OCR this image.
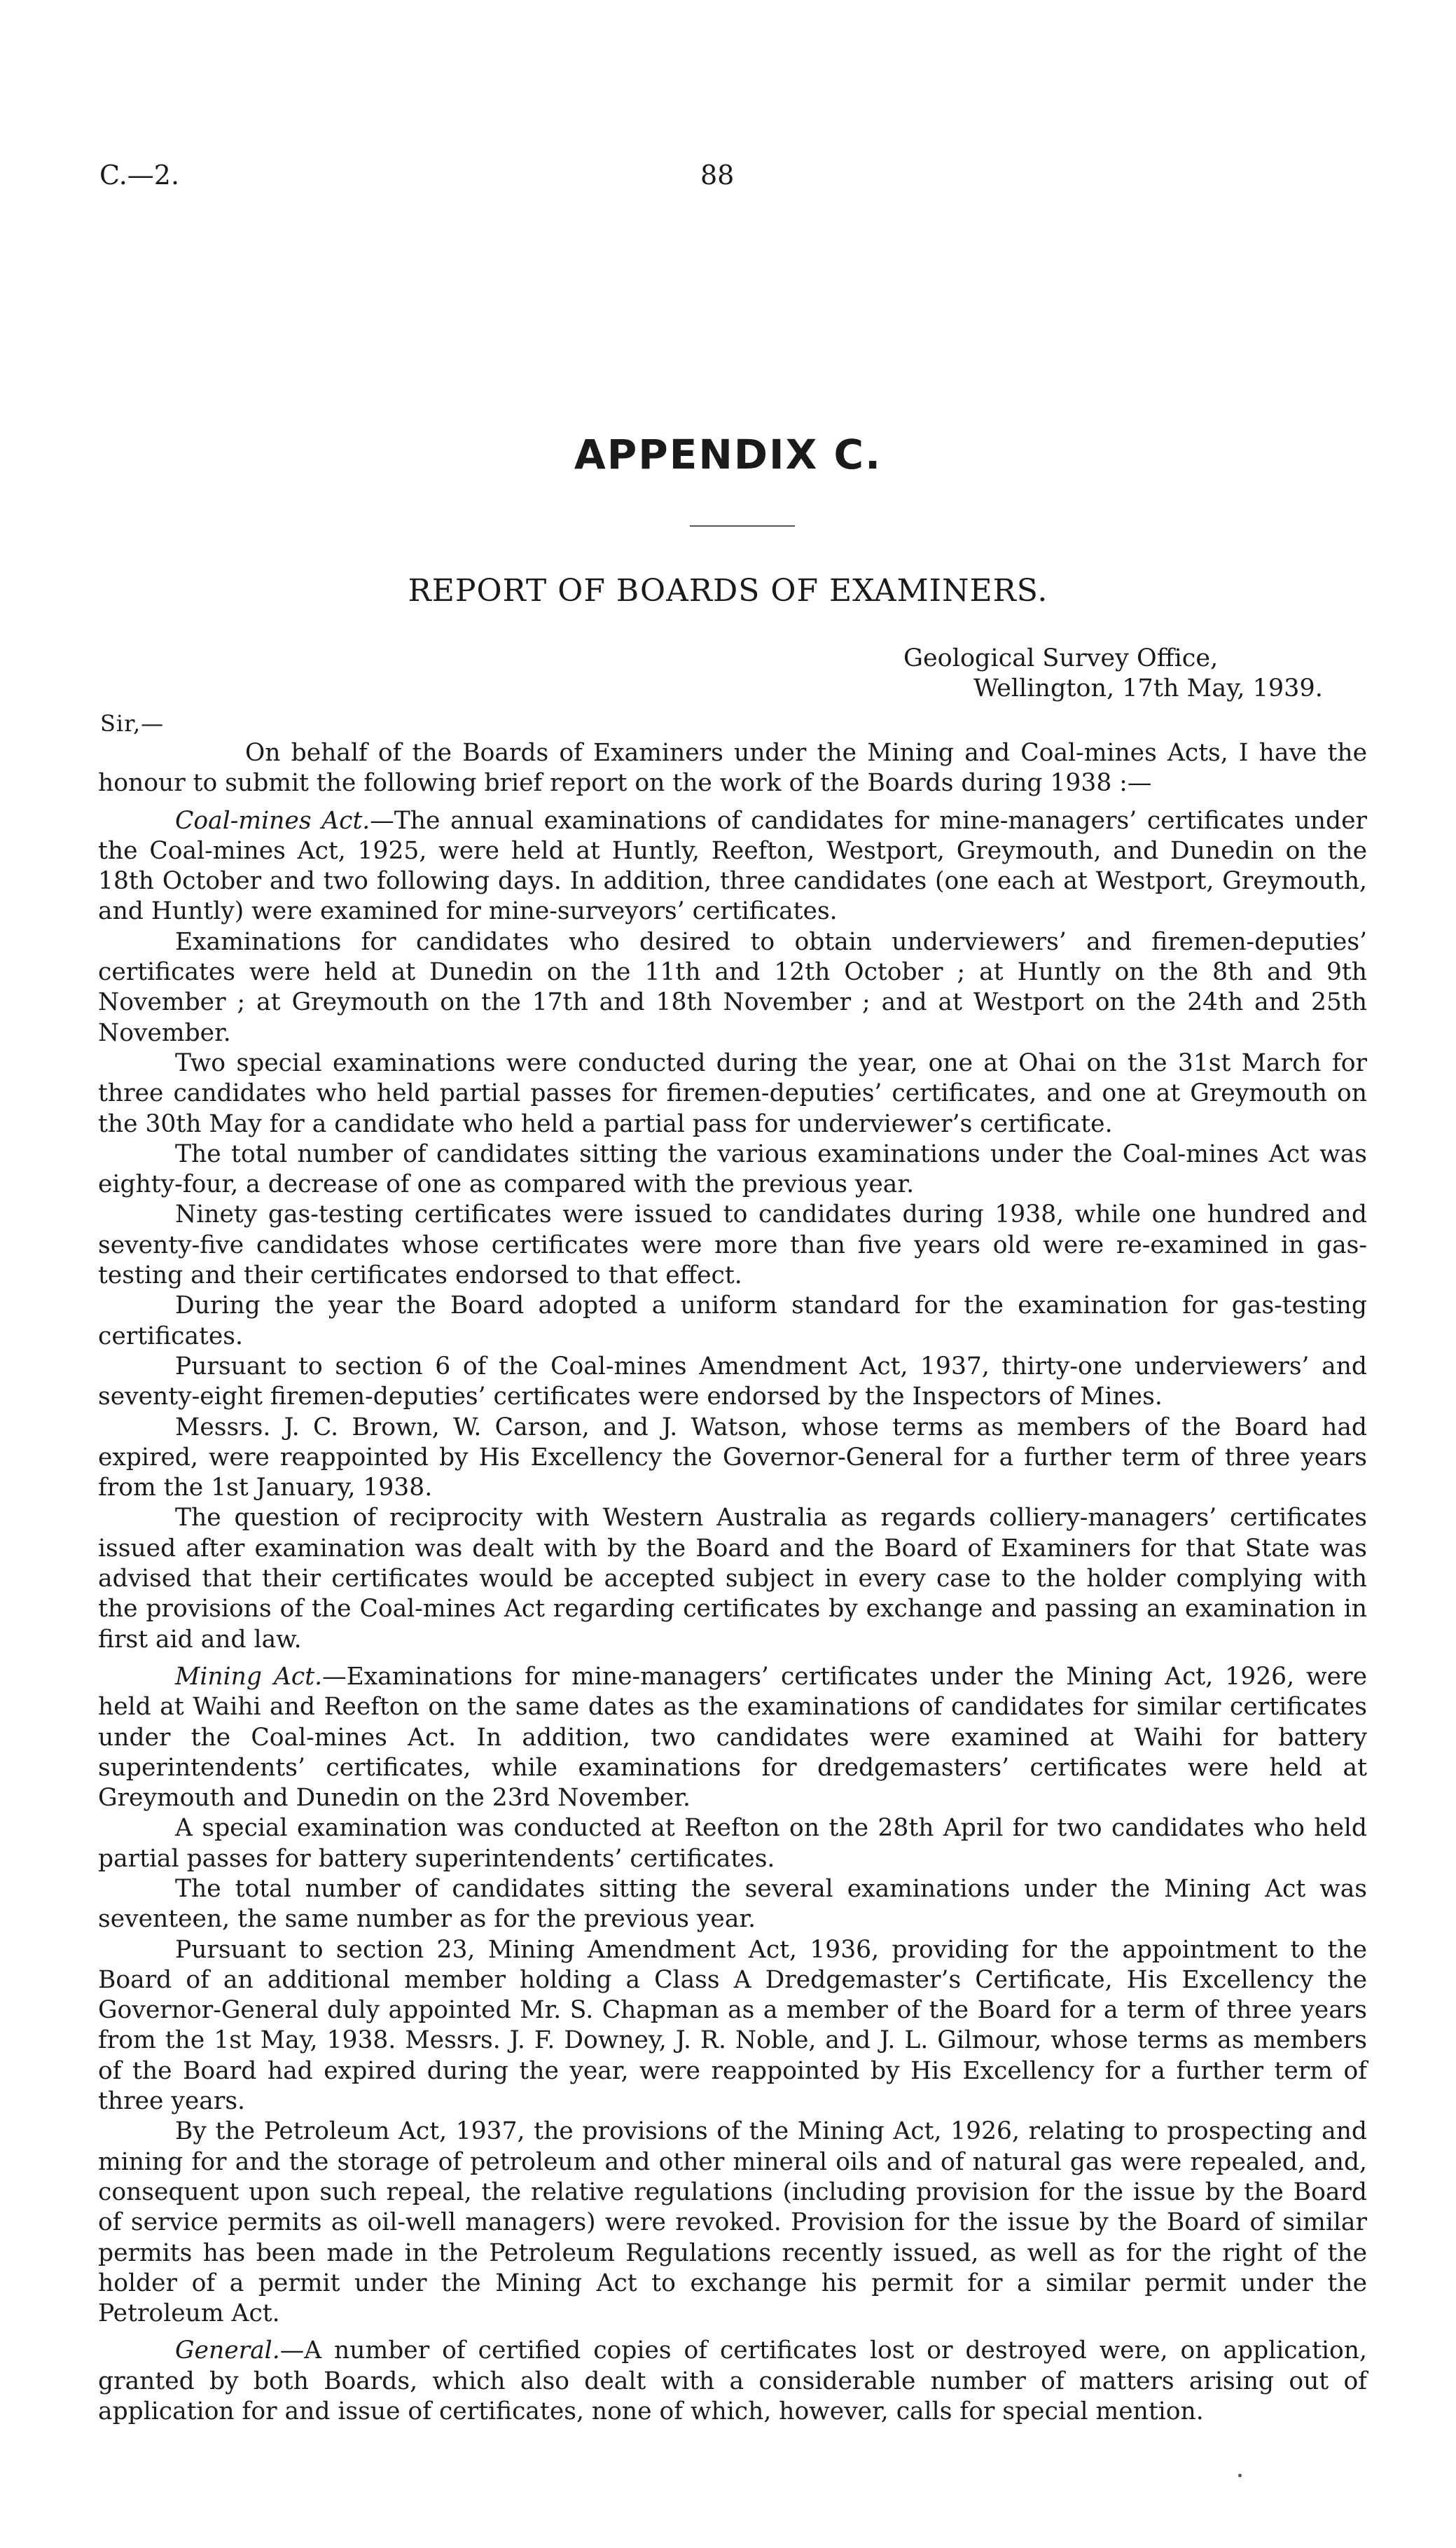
C.—2.	88
APPENDIX C.
REPORT OF BOARDS OF EXAMINERS.
Geological Survey Office,
Wellington, 17th May, 1939.
Sir,—

On behalf of the Boards of Examiners under the Mining and Coal-mines Acts, I have the honour to submit the following brief report on the work of the Boards during 1938 :—

Coal-mines Act.—The annual examinations of candidates for mine-managers’ certificates under the Coal-mines Act, 1925, were held at Huntly, Reefton, Westport, Greymouth, and Dunedin on the 18th October and two following days. In addition, three candidates (one each at Westport, Greymouth, and Huntly) were examined for mine-surveyors’ certificates.

Examinations for candidates who desired to obtain underviewers’ and firemen-deputies’ certificates were held at Dunedin on the 11th and 12th October ; at Huntly on the 8th and 9th November ; at Greymouth on the 17th and 18th November ; and at Westport on the 24th and 25th November.

Two special examinations were conducted during the year, one at Ohai on the 31st March for three candidates who held partial passes for firemen-deputies’ certificates, and one at Greymouth on the 30th May for a candidate who held a partial pass for underviewer’s certificate.

The total number of candidates sitting the various examinations under the Coal-mines Act was eighty-four, a decrease of one as compared with the previous year.

Ninety gas-testing certificates were issued to candidates during 1938, while one hundred and seventy-five candidates whose certificates were more than five years old were re-examined in gas-testing and their certificates endorsed to that effect.

During the year the Board adopted a uniform standard for the examination for gas-testing certificates.

Pursuant to section 6 of the Coal-mines Amendment Act, 1937, thirty-one underviewers’ and seventy-eight firemen-deputies’ certificates were endorsed by the Inspectors of Mines.

Messrs. J. C. Brown, W. Carson, and J. Watson, whose terms as members of the Board had expired, were reappointed by His Excellency the Governor-General for a further term of three years from the 1st January, 1938.

The question of reciprocity with Western Australia as regards colliery-managers’ certificates issued after examination was dealt with by the Board and the Board of Examiners for that State was advised that their certificates would be accepted subject in every case to the holder complying with the provisions of the Coal-mines Act regarding certificates by exchange and passing an examination in first aid and law.

Mining Act.—Examinations for mine-managers’ certificates under the Mining Act, 1926, were held at Waihi and Reefton on the same dates as the examinations of candidates for similar certificates under the Coal-mines Act. In addition, two candidates were examined at Waihi for battery superintendents’ certificates, while examinations for dredgemasters’ certificates were held at Greymouth and Dunedin on the 23rd November.

A special examination was conducted at Reefton on the 28th April for two candidates who held partial passes for battery superintendents’ certificates.

The total number of candidates sitting the several examinations under the Mining Act was seventeen, the same number as for the previous year.

Pursuant to section 23, Mining Amendment Act, 1936, providing for the appointment to the Board of an additional member holding a Class A Dredgemaster’s Certificate, His Excellency the Governor-General duly appointed Mr. S. Chapman as a member of the Board for a term of three years from the 1st May, 1938. Messrs. J. F. Downey, J. R. Noble, and J. L. Gilmour, whose terms as members of the Board had expired during the year, were reappointed by His Excellency for a further term of three years.

By the Petroleum Act, 1937, the provisions of the Mining Act, 1926, relating to prospecting and mining for and the storage of petroleum and other mineral oils and of natural gas were repealed, and, consequent upon such repeal, the relative regulations (including provision for the issue by the Board of service permits as oil-well managers) were revoked. Provision for the issue by the Board of similar permits has been made in the Petroleum Regulations recently issued, as well as for the right of the holder of a permit under the Mining Act to exchange his permit for a similar permit under the Petroleum Act.

General.—A number of certified copies of certificates lost or destroyed were, on application, granted by both Boards, which also dealt with a considerable number of matters arising out of application for and issue of certificates, none of which, however, calls for special mention.
